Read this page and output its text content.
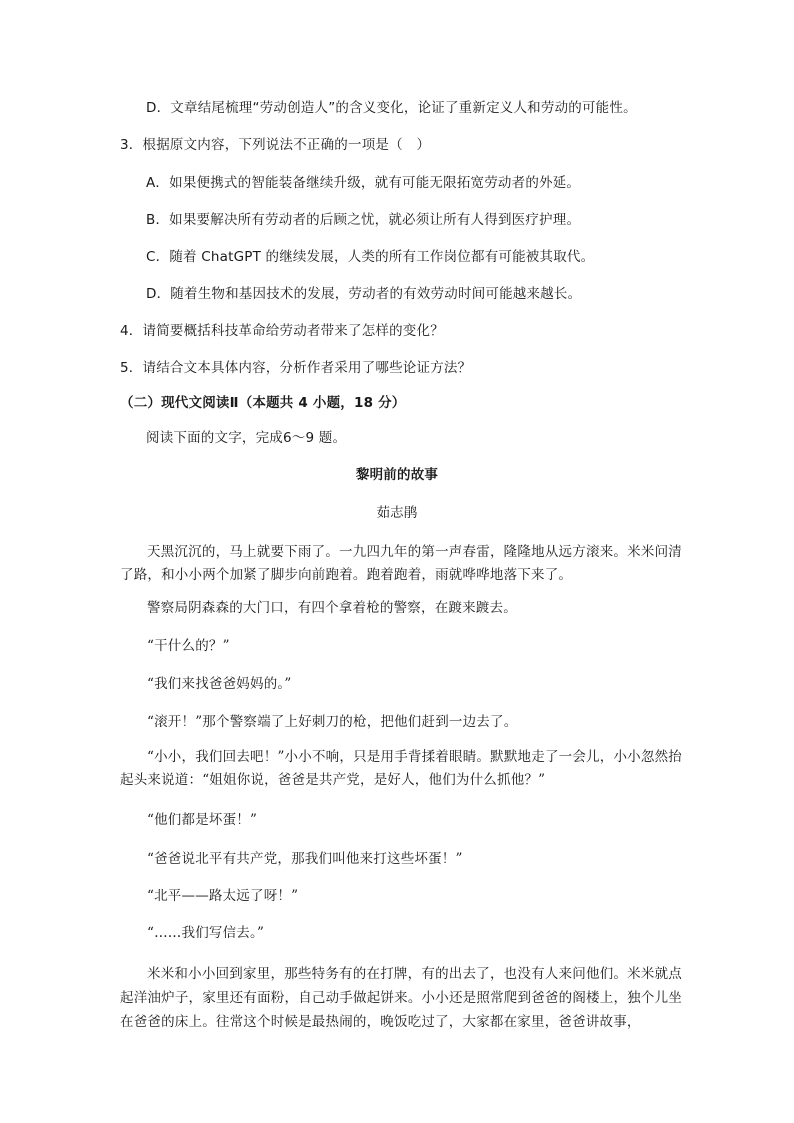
D．文章结尾梳理“劳动创造人”的含义变化，论证了重新定义人和劳动的可能性。
3．根据原文内容，下列说法不正确的一项是（　）
A．如果便携式的智能装备继续升级，就有可能无限拓宽劳动者的外延。
B．如果要解决所有劳动者的后顾之忧，就必须让所有人得到医疗护理。
C．随着 ChatGPT 的继续发展，人类的所有工作岗位都有可能被其取代。
D．随着生物和基因技术的发展，劳动者的有效劳动时间可能越来越长。
4．请简要概括科技革命给劳动者带来了怎样的变化？
5．请结合文本具体内容，分析作者采用了哪些论证方法？
（二）现代文阅读Ⅱ（本题共 4 小题，18 分）
阅读下面的文字，完成6～9 题。
黎明前的故事
茹志鹃
天黑沉沉的，马上就要下雨了。一九四九年的第一声春雷，隆隆地从远方滚来。米米问清了路，和小小两个加紧了脚步向前跑着。跑着跑着，雨就哗哗地落下来了。
警察局阴森森的大门口，有四个拿着枪的警察，在踱来踱去。
“干什么的？”
“我们来找爸爸妈妈的。”
“滚开！”那个警察端了上好刺刀的枪，把他们赶到一边去了。
“小小，我们回去吧！”小小不响，只是用手背揉着眼睛。默默地走了一会儿，小小忽然抬起头来说道：“姐姐你说，爸爸是共产党，是好人，他们为什么抓他？”
“他们都是坏蛋！”
“爸爸说北平有共产党，那我们叫他来打这些坏蛋！”
“北平——路太远了呀！”
“……我们写信去。”
米米和小小回到家里，那些特务有的在打牌，有的出去了，也没有人来问他们。米米就点起洋油炉子，家里还有面粉，自己动手做起饼来。小小还是照常爬到爸爸的阁楼上，独个儿坐在爸爸的床上。往常这个时候是最热闹的，晚饭吃过了，大家都在家里，爸爸讲故事，
